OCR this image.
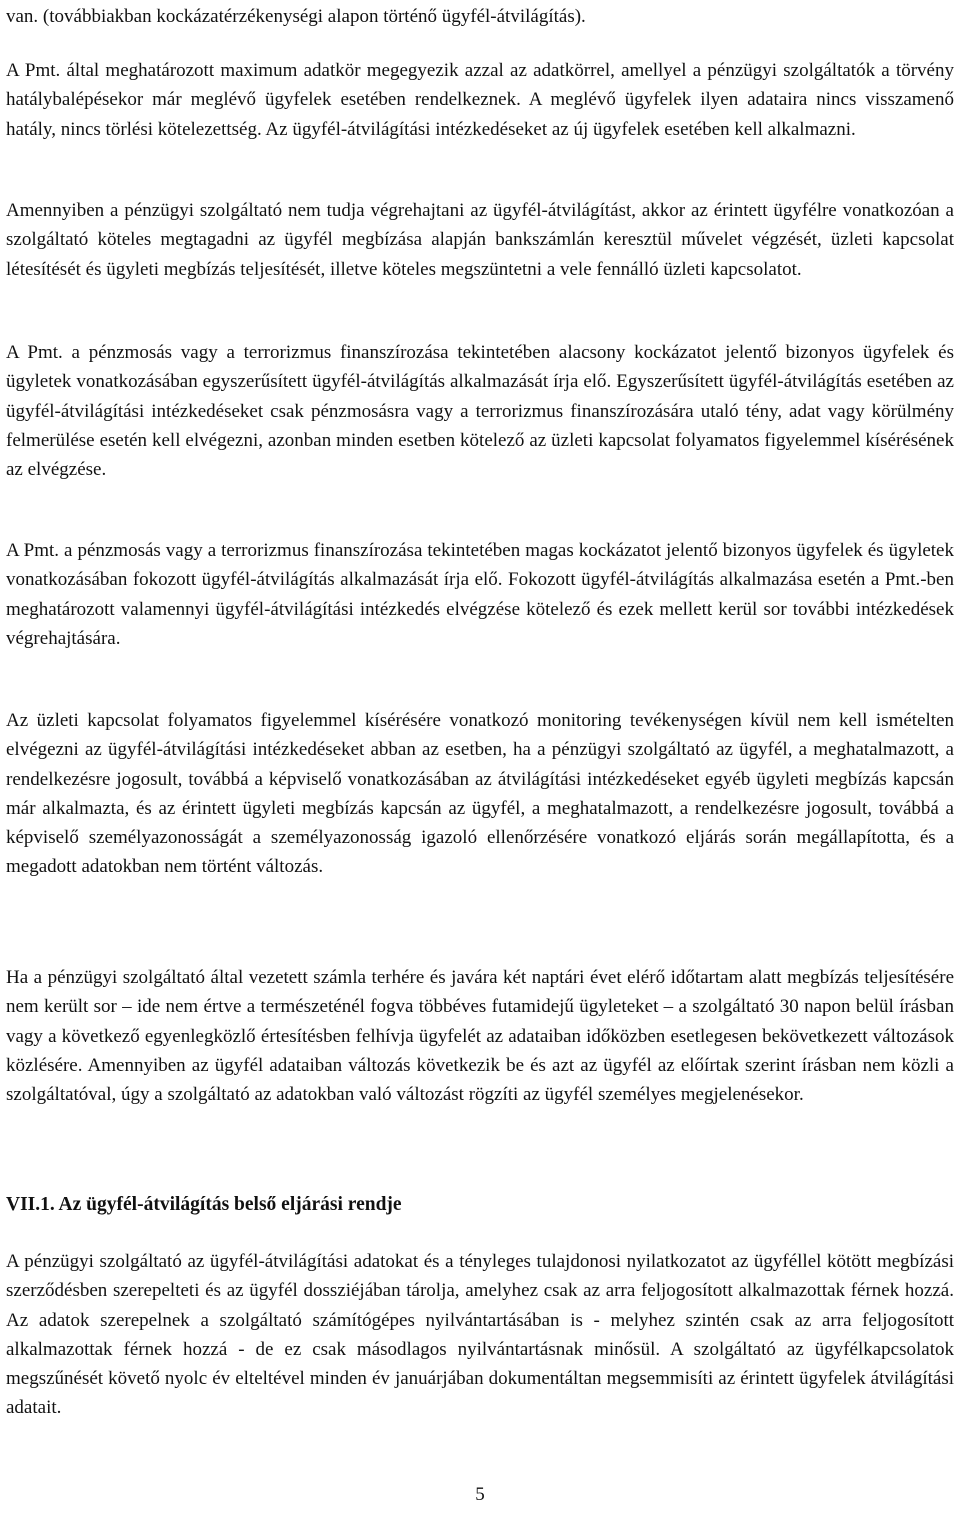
van. (továbbiakban kockázatérzékenységi alapon történő ügyfél-átvilágítás).

A Pmt. által meghatározott maximum adatkör megegyezik azzal az adatkörrel, amellyel a pénzügyi szolgáltatók a törvény hatálybalépésekor már meglévő ügyfelek esetében rendelkeznek. A meglévő ügyfelek ilyen adataira nincs visszamenő hatály, nincs törlési kötelezettség. Az ügyfél-átvilágítási intézkedéseket az új ügyfelek esetében kell alkalmazni.

Amennyiben a pénzügyi szolgáltató nem tudja végrehajtani az ügyfél-átvilágítást, akkor az érintett ügyfélre vonatkozóan a szolgáltató köteles megtagadni az ügyfél megbízása alapján bankszámlán keresztül művelet végzését, üzleti kapcsolat létesítését és ügyleti megbízás teljesítését, illetve köteles megszüntetni a vele fennálló üzleti kapcsolatot.

A Pmt. a pénzmosás vagy a terrorizmus finanszírozása tekintetében alacsony kockázatot jelentő bizonyos ügyfelek és ügyletek vonatkozásában egyszerűsített ügyfél-átvilágítás alkalmazását írja elő. Egyszerűsített ügyfél-átvilágítás esetében az ügyfél-átvilágítási intézkedéseket csak pénzmosásra vagy a terrorizmus finanszírozására utaló tény, adat vagy körülmény felmerülése esetén kell elvégezni, azonban minden esetben kötelező az üzleti kapcsolat folyamatos figyelemmel kísérésének az elvégzése.

A Pmt. a pénzmosás vagy a terrorizmus finanszírozása tekintetében magas kockázatot jelentő bizonyos ügyfelek és ügyletek vonatkozásában fokozott ügyfél-átvilágítás alkalmazását írja elő. Fokozott ügyfél-átvilágítás alkalmazása esetén a Pmt.-ben meghatározott valamennyi ügyfél-átvilágítási intézkedés elvégzése kötelező és ezek mellett kerül sor további intézkedések végrehajtására.

Az üzleti kapcsolat folyamatos figyelemmel kísérésére vonatkozó monitoring tevékenységen kívül nem kell ismételten elvégezni az ügyfél-átvilágítási intézkedéseket abban az esetben, ha a pénzügyi szolgáltató az ügyfél, a meghatalmazott, a rendelkezésre jogosult, továbbá a képviselő vonatkozásában az átvilágítási intézkedéseket egyéb ügyleti megbízás kapcsán már alkalmazta, és az érintett ügyleti megbízás kapcsán az ügyfél, a meghatalmazott, a rendelkezésre jogosult, továbbá a képviselő személyazonosságát a személyazonosság igazoló ellenőrzésére vonatkozó eljárás során megállapította, és a megadott adatokban nem történt változás.

Ha a pénzügyi szolgáltató által vezetett számla terhére és javára két naptári évet elérő időtartam alatt megbízás teljesítésére nem került sor – ide nem értve a természeténél fogva többéves futamidejű ügyleteket – a szolgáltató 30 napon belül írásban vagy a következő egyenlegközlő értesítésben felhívja ügyfelét az adataiban időközben esetlegesen bekövetkezett változások közlésére. Amennyiben az ügyfél adataiban változás következik be és azt az ügyfél az előírtak szerint írásban nem közli a szolgáltatóval, úgy a szolgáltató az adatokban való változást rögzíti az ügyfél személyes megjelenésekor.

VII.1. Az ügyfél-átvilágítás belső eljárási rendje

A pénzügyi szolgáltató az ügyfél-átvilágítási adatokat és a tényleges tulajdonosi nyilatkozatot az ügyféllel kötött megbízási szerződésben szerepelteti és az ügyfél dossziéjában tárolja, amelyhez csak az arra feljogosított alkalmazottak férnek hozzá. Az adatok szerepelnek a szolgáltató számítógépes nyilvántartásában is - melyhez szintén csak az arra feljogosított alkalmazottak férnek hozzá - de ez csak másodlagos nyilvántartásnak minősül. A szolgáltató az ügyfélkapcsolatok megszűnését követő nyolc év elteltével minden év januárjában dokumentáltan megsemmisíti az érintett ügyfelek átvilágítási adatait.

5
